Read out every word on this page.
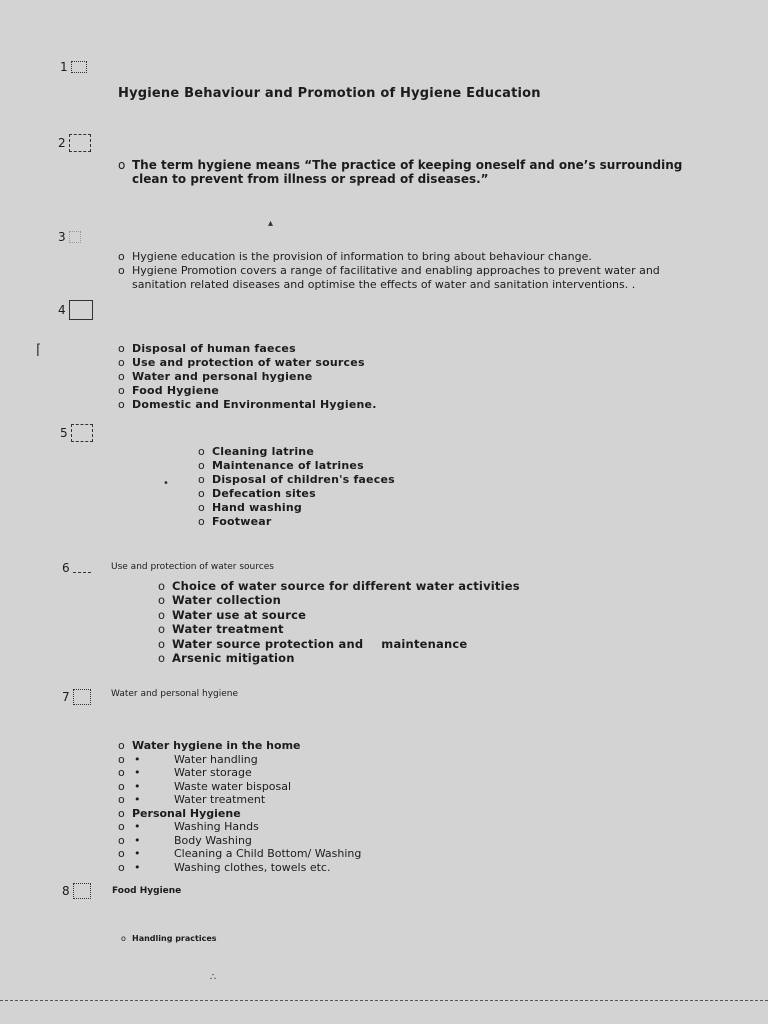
1
Hygiene Behaviour and Promotion of Hygiene Education
2
o The term hygiene means “The practice of keeping oneself and one’s surrounding clean to prevent from illness or spread of diseases.”
3
o Hygiene education is the provision of information to bring about behaviour change.
o Hygiene Promotion covers a range of facilitative and enabling approaches to prevent water and sanitation related diseases and optimise the effects of water and sanitation interventions. .
4
o Disposal of human faeces
o Use and protection of water sources
o Water and personal hygiene
o Food Hygiene
o Domestic and Environmental Hygiene.
5
o Cleaning latrine
o Maintenance of latrines
o Disposal of children's faeces
o Defecation sites
o Hand washing
o Footwear
6	Use and protection of water sources
o Choice of water source for different water activities
o Water collection
o Water use at source
o Water treatment
o Water source protection and maintenance
o Arsenic mitigation
7	Water and personal hygiene
o Water hygiene in the home
o •	Water handling
o •	Water storage
o •	Waste water bisposal
o •	Water treatment
o Personal Hygiene
o •	Washing Hands
o •	Body Washing
o •	Cleaning a Child Bottom/ Washing
o •	Washing clothes, towels etc.
8	Food Hygiene
o Handling practices
⌈
▴
•
∴
